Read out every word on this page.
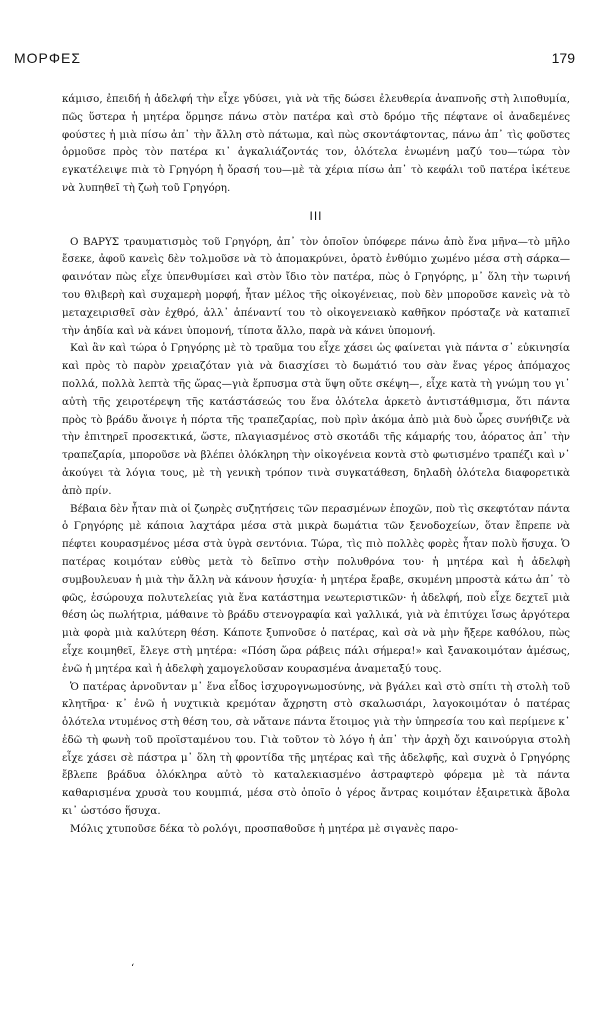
ΜΟΡΦΕΣ	179

κάμισο, ἐπειδή ἡ ἀδελφή τὴν εἶχε γδύσει, γιὰ νὰ τῆς δώσει ἐλευθερία ἀναπνοῆς στὴ λιποθυμία, πῶς ὕστερα ἡ μητέρα ὅρμησε πάνω στὸν πατέρα καὶ στὸ δρόμο τῆς πέφτανε οἱ ἀναδεμένες φούστες ἡ μιὰ πίσω ἀπ᾿ τὴν ἄλλη στὸ πάτωμα, καὶ πὼς σκοντάφτοντας, πάνω ἀπ᾿ τὶς φοῦστες ὁρμοῦσε πρὸς τὸν πατέρα κι᾿ ἀγκαλιάζοντάς τον, ὁλότελα ἑνωμένη μαζύ του—τώρα τὸν εγκατέλειψε πιὰ τὸ Γρηγόρη ἡ ὅρασή του—μὲ τὰ χέρια πίσω ἀπ᾿ τὸ κεφάλι τοῦ πατέρα ἱκέτευε νὰ λυπηθεῖ τὴ ζωὴ τοῦ Γρηγόρη.

III

Ο ΒΑΡΥΣ τραυματισμὸς τοῦ Γρηγόρη, ἀπ᾿ τὸν ὁποῖον ὑπόφερε πάνω ἀπὸ ἕνα μῆνα—τὸ μῆλο ἔσεκε, ἀφοῦ κανεὶς δὲν τολμοῦσε νὰ τὸ ἀπομακρύνει, ὁρατὸ ἐνθύμιο χωμένο μέσα στὴ σάρκα—φαινόταν πὼς εἶχε ὑπενθυμίσει καὶ στὸν ἴδιο τὸν πατέρα, πὼς ὁ Γρηγόρης, μ᾿ ὅλη τὴν τωρινή του θλιβερὴ καὶ συχαμερὴ μορφή, ἦταν μέλος τῆς οἰκογένειας, ποὺ δὲν μποροῦσε κανεὶς νὰ τὸ μεταχειρισθεῖ σὰν ἐχθρό, ἀλλ᾿ ἀπέναντί του τὸ οἰκογενειακὸ καθῆκον πρόσταζε νὰ καταπιεῖ τὴν ἀηδία καὶ νὰ κάνει ὑπομονή, τίποτα ἄλλο, παρὰ νὰ κάνει ὑπομονή.

Καὶ ἂν καὶ τώρα ὁ Γρηγόρης μὲ τὸ τραῦμα του εἶχε χάσει ὡς φαίνεται γιὰ πάντα σ᾿ εὐκινησία καὶ πρὸς τὸ παρὸν χρειαζόταν γιὰ νὰ διασχίσει τὸ δωμάτιό του σὰν ἕνας γέρος ἀπόμαχος πολλά, πολλὰ λεπτὰ τῆς ὥρας—γιὰ ἕρπυσμα στὰ ὕψη οὔτε σκέψη—, εἶχε κατὰ τὴ γνώμη του γι᾿ αὐτὴ τῆς χειροτέρεψη τῆς κατάστάσεώς του ἕνα ὁλότελα ἀρκετὸ ἀντιστάθμισμα, ὅτι πάντα πρὸς τὸ βράδυ ἄνοιγε ἡ πόρτα τῆς τραπεζαρίας, ποὺ πρὶν ἀκόμα ἀπὸ μιὰ δυὸ ὧρες συνήθιζε νὰ τὴν ἐπιτηρεῖ προσεκτικά, ὥστε, πλαγιασμένος στὸ σκοτάδι τῆς κάμαρής του, ἀόρατος ἀπ᾿ τὴν τραπεζαρία, μποροῦσε νὰ βλέπει ὁλόκληρη τὴν οἰκογένεια κοντὰ στὸ φωτισμένο τραπέζι καὶ ν᾿ ἀκούγει τὰ λόγια τους, μὲ τὴ γενικὴ τρόπον τινὰ συγκατάθεση, δηλαδὴ ὁλότελα διαφορετικὰ ἀπὸ πρίν.

Βέβαια δὲν ἦταν πιὰ οἱ ζωηρὲς συζητήσεις τῶν περασμένων ἐποχῶν, ποὺ τὶς σκεφτόταν πάντα ὁ Γρηγόρης μὲ κάποια λαχτάρα μέσα στὰ μικρὰ δωμάτια τῶν ξενοδοχείων, ὅταν ἔπρεπε νὰ πέφτει κουρασμένος μέσα στὰ ὑγρὰ σεντόνια. Τώρα, τὶς πιὸ πολλὲς φορὲς ἦταν πολὺ ἥσυχα. Ὁ πατέρας κοιμόταν εὐθὺς μετὰ τὸ δεῖπνο στὴν πολυθρόνα του· ἡ μητέρα καὶ ἡ ἀδελφὴ συμβουλευαν ἡ μιὰ τὴν ἄλλη νὰ κάνουν ἡσυχία· ἡ μητέρα ἔραβε, σκυμένη μπροστὰ κάτω ἀπ᾿ τὸ φῶς, ἑσώρουχα πολυτελείας γιὰ ἕνα κατάστημα νεωτεριστικῶν· ἡ ἀδελφή, ποὺ εἶχε δεχτεῖ μιὰ θέση ὡς πωλήτρια, μάθαινε τὸ βράδυ στενογραφία καὶ γαλλικά, γιὰ νὰ ἐπιτύχει ἴσως ἀργότερα μιὰ φορὰ μιὰ καλύτερη θέση. Κάποτε ξυπνοῦσε ὁ πατέρας, καὶ σὰ νὰ μὴν ἤξερε καθόλου, πὼς εἶχε κοιμηθεῖ, ἔλεγε στὴ μητέρα: «Πόση ὥρα ράβεις πάλι σήμερα!» καὶ ξανακοιμόταν ἀμέσως, ἐνῶ ἡ μητέρα καὶ ἡ ἀδελφὴ χαμογελοῦσαν κουρασμένα ἀναμεταξύ τους.

Ὁ πατέρας ἀρνοῦνταν μ᾿ ἕνα εἶδος ἰσχυρογνωμοσύνης, νὰ βγάλει καὶ στὸ σπίτι τὴ στολὴ τοῦ κλητῆρα· κ᾿ ἐνῶ ἡ νυχτικιὰ κρεμόταν ἄχρηστη στὸ σκαλωσιάρι, λαγοκοιμόταν ὁ πατέρας ὁλότελα ντυμένος στὴ θέση του, σὰ νἄτανε πάντα ἕτοιμος γιὰ τὴν ὑπηρεσία του καὶ περίμενε κ᾿ ἐδῶ τὴ φωνὴ τοῦ προϊσταμένου του. Γιὰ τοῦτον τὸ λόγο ἡ ἀπ᾿ τὴν ἀρχὴ ὄχι καινούργια στολὴ εἶχε χάσει σὲ πάστρα μ᾿ ὅλη τὴ φροντίδα τῆς μητέρας καὶ τῆς ἀδελφῆς, καὶ συχνὰ ὁ Γρηγόρης ἔβλεπε βράδυα ὁλόκληρα αὐτὸ τὸ καταλεκιασμένο ἀστραφτερὸ φόρεμα μὲ τὰ πάντα καθαρισμένα χρυσὰ του κουμπιά, μέσα στὸ ὁποῖο ὁ γέρος ἄντρας κοιμόταν ἐξαιρετικὰ ἄβολα κι᾿ ὡστόσο ἥσυχα.

Μόλις χτυποῦσε δέκα τὸ ρολόγι, προσπαθοῦσε ἡ μητέρα μὲ σιγανὲς παρο-

‘
